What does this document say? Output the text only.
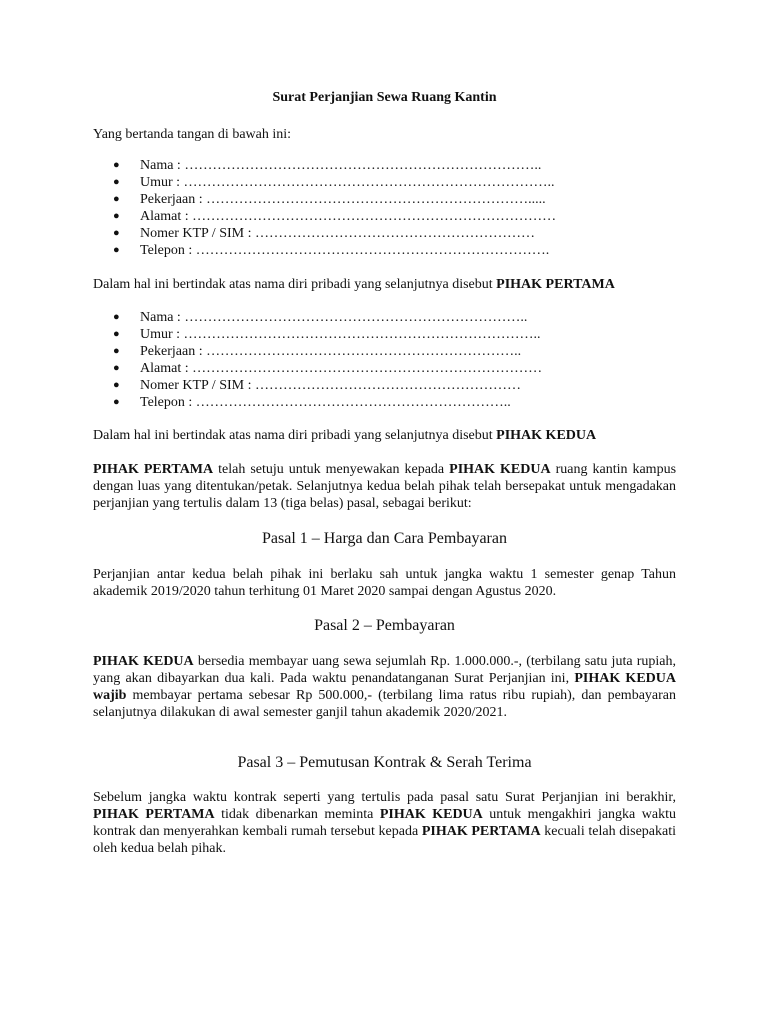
Surat Perjanjian Sewa Ruang Kantin
Yang bertanda tangan di bawah ini:
● Nama : …………………………………………………………………..
● Umur : ……………………………………………………………………..
● Pekerjaan : …………………………………………………………….....
● Alamat : ……………………………………………………………………
● Nomer KTP / SIM : ……………………………………………………
● Telepon : ………………………………………………………………….
Dalam hal ini bertindak atas nama diri pribadi yang selanjutnya disebut PIHAK PERTAMA
● Nama : ………………………………………………………………..
● Umur : …………………………………………………………………..
● Pekerjaan : …………………………………………………………..
● Alamat : …………………………………………………………………
● Nomer KTP / SIM : …………………………………………………
● Telepon : …………………………………………………………..
Dalam hal ini bertindak atas nama diri pribadi yang selanjutnya disebut PIHAK KEDUA
PIHAK PERTAMA telah setuju untuk menyewakan kepada PIHAK KEDUA ruang kantin kampus dengan luas yang ditentukan/petak. Selanjutnya kedua belah pihak telah bersepakat untuk mengadakan perjanjian yang tertulis dalam 13 (tiga belas) pasal, sebagai berikut:
Pasal 1 – Harga dan Cara Pembayaran
Perjanjian antar kedua belah pihak ini berlaku sah untuk jangka waktu 1 semester genap Tahun akademik 2019/2020 tahun terhitung 01 Maret 2020 sampai dengan Agustus 2020.
Pasal 2 – Pembayaran
PIHAK KEDUA bersedia membayar uang sewa sejumlah Rp. 1.000.000.-, (terbilang satu juta rupiah, yang akan dibayarkan dua kali. Pada waktu penandatanganan Surat Perjanjian ini, PIHAK KEDUA wajib membayar pertama sebesar Rp 500.000,- (terbilang lima ratus ribu rupiah), dan pembayaran selanjutnya dilakukan di awal semester ganjil tahun akademik 2020/2021.
Pasal 3 – Pemutusan Kontrak & Serah Terima
Sebelum jangka waktu kontrak seperti yang tertulis pada pasal satu Surat Perjanjian ini berakhir, PIHAK PERTAMA tidak dibenarkan meminta PIHAK KEDUA untuk mengakhiri jangka waktu kontrak dan menyerahkan kembali rumah tersebut kepada PIHAK PERTAMA kecuali telah disepakati oleh kedua belah pihak.
